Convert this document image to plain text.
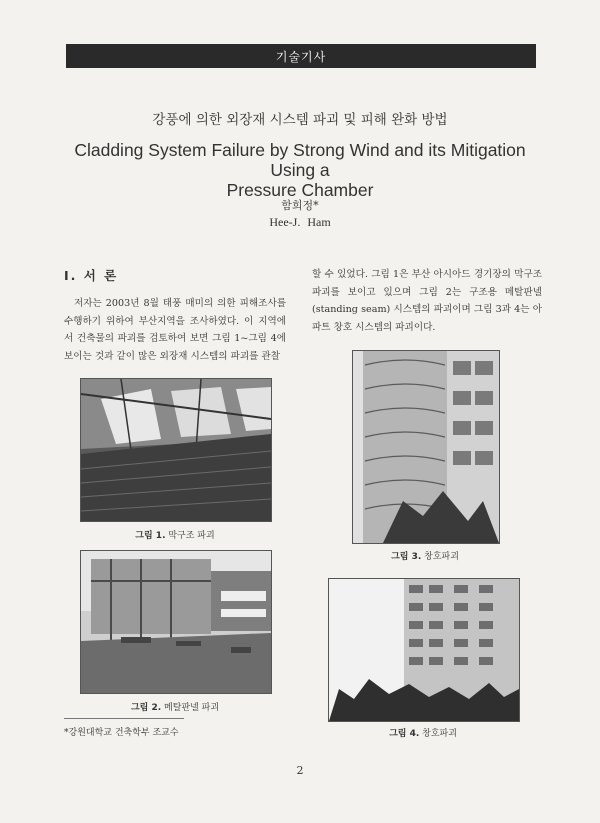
기술기사
강풍에 의한 외장재 시스템 파괴 및 피해 완화 방법
Cladding System Failure by Strong Wind and its Mitigation Using a
Pressure Chamber
함희정*
Hee-J. Ham
I. 서 론
저자는 2003년 8월 태풍 매미의 의한 피해조사를 수행하기 위하여 부산지역을 조사하였다. 이 지역에서 건축물의 파괴를 검토하여 보면 그림 1~그림 4에 보이는 것과 같이 많은 외장재 시스템의 파괴를 관찰
할 수 있었다. 그림 1은 부산 아시아드 경기장의 막구조 파괴를 보이고 있으며 그림 2는 구조용 메탈판넬(standing seam) 시스템의 파괴이며 그림 3과 4는 아파트 창호 시스템의 파괴이다.
그림 1. 막구조 파괴
그림 2. 메탈판넬 파괴
그림 3. 창호파괴
그림 4. 창호파괴
*강원대학교 건축학부 조교수
2
